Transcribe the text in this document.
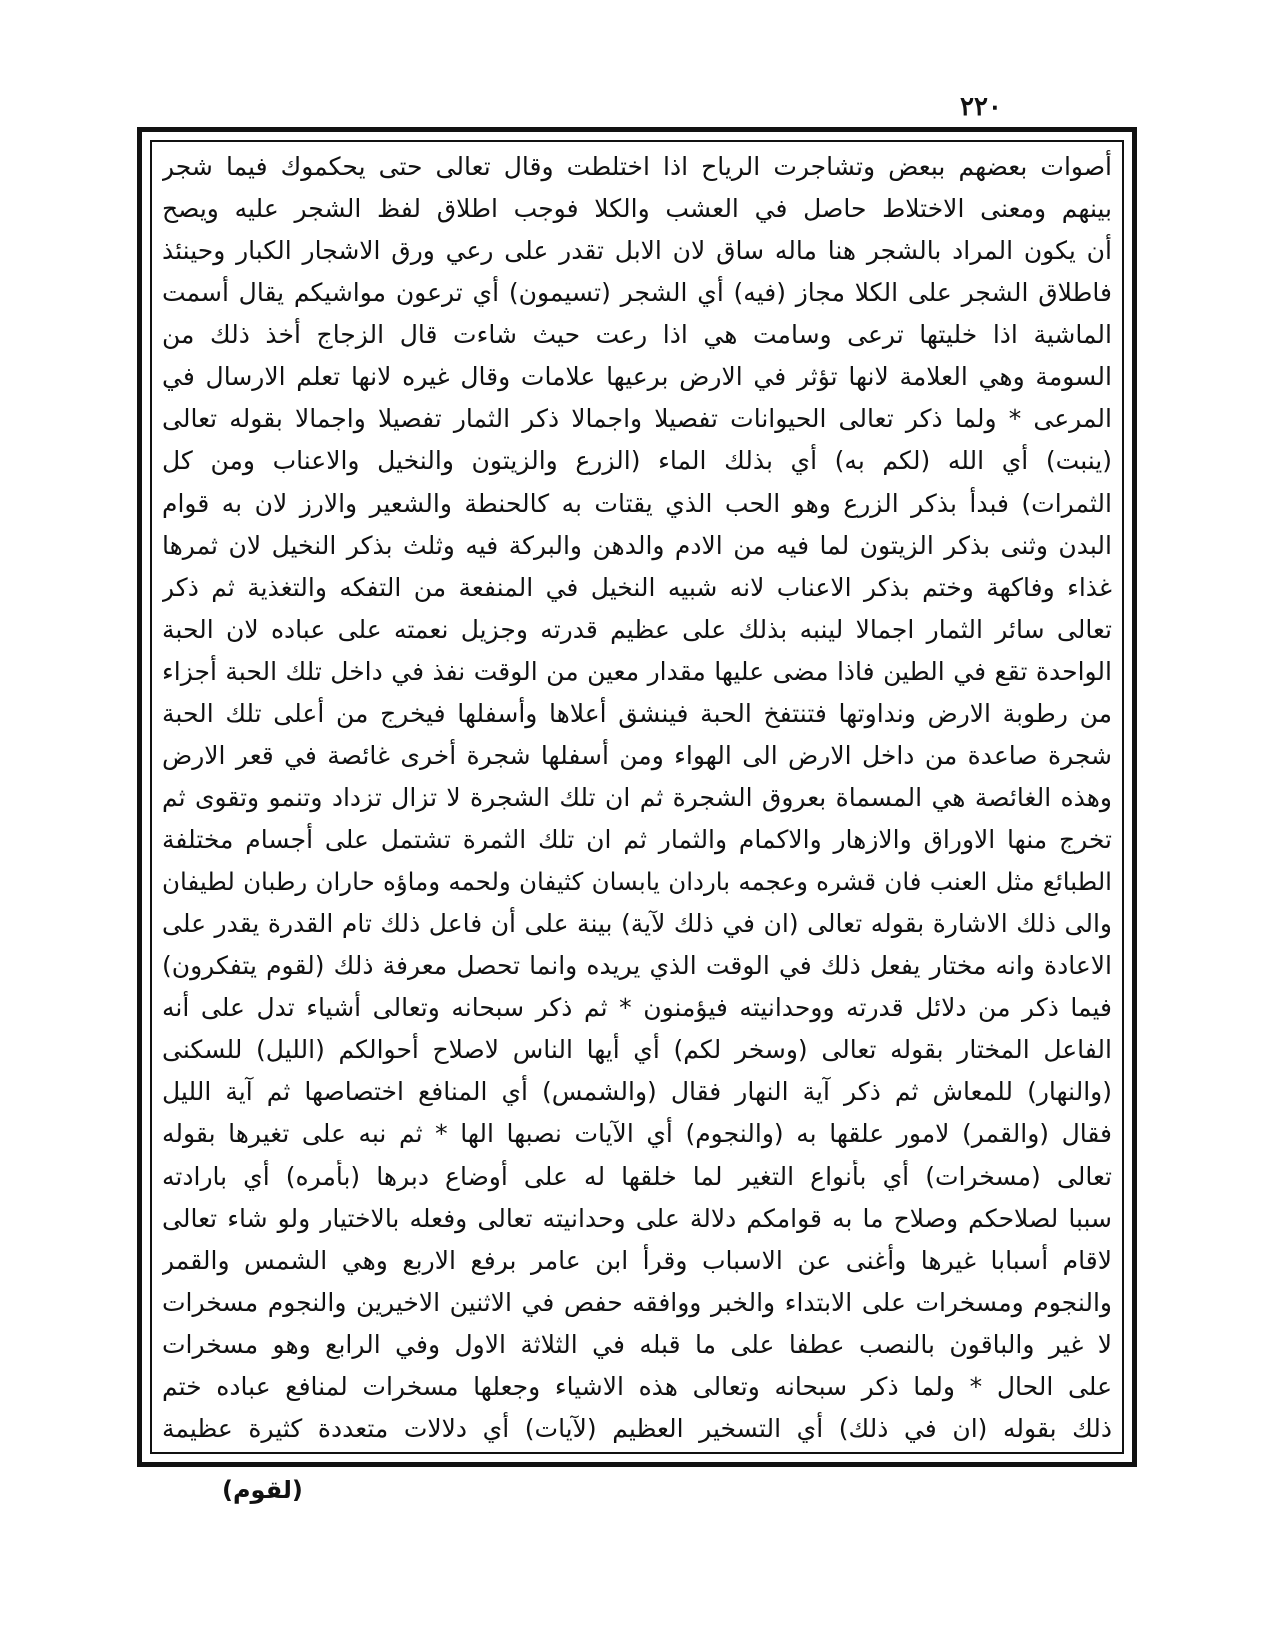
٢٢٠
أصوات بعضهم ببعض وتشاجرت الرياح اذا اختلطت وقال تعالى حتى يحكموك فيما شجر
بينهم ومعنى الاختلاط حاصل في العشب والكلا فوجب اطلاق لفظ الشجر عليه ويصح
أن يكون المراد بالشجر هنا ماله ساق لان الابل تقدر على رعي ورق الاشجار الكبار وحينئذ
فاطلاق الشجر على الكلا مجاز (فيه) أي الشجر (تسيمون) أي ترعون مواشيكم يقال أسمت
الماشية اذا خليتها ترعى وسامت هي اذا رعت حيث شاءت قال الزجاج أخذ ذلك من
السومة وهي العلامة لانها تؤثر في الارض برعيها علامات وقال غيره لانها تعلم الارسال في
المرعى * ولما ذكر تعالى الحيوانات تفصيلا واجمالا ذكر الثمار تفصيلا واجمالا بقوله تعالى
(ينبت) أي الله (لكم به) أي بذلك الماء (الزرع والزيتون والنخيل والاعناب ومن كل
الثمرات) فبدأ بذكر الزرع وهو الحب الذي يقتات به كالحنطة والشعير والارز لان به قوام
البدن وثنى بذكر الزيتون لما فيه من الادم والدهن والبركة فيه وثلث بذكر النخيل لان ثمرها
غذاء وفاكهة وختم بذكر الاعناب لانه شبيه النخيل في المنفعة من التفكه والتغذية ثم ذكر
تعالى سائر الثمار اجمالا لينبه بذلك على عظيم قدرته وجزيل نعمته على عباده لان الحبة
الواحدة تقع في الطين فاذا مضى عليها مقدار معين من الوقت نفذ في داخل تلك الحبة أجزاء
من رطوبة الارض ونداوتها فتنتفخ الحبة فينشق أعلاها وأسفلها فيخرج من أعلى تلك الحبة
شجرة صاعدة من داخل الارض الى الهواء ومن أسفلها شجرة أخرى غائصة في قعر الارض
وهذه الغائصة هي المسماة بعروق الشجرة ثم ان تلك الشجرة لا تزال تزداد وتنمو وتقوى ثم
تخرج منها الاوراق والازهار والاكمام والثمار ثم ان تلك الثمرة تشتمل على أجسام مختلفة
الطبائع مثل العنب فان قشره وعجمه باردان يابسان كثيفان ولحمه وماؤه حاران رطبان لطيفان
والى ذلك الاشارة بقوله تعالى (ان في ذلك لآية) بينة على أن فاعل ذلك تام القدرة يقدر على
الاعادة وانه مختار يفعل ذلك في الوقت الذي يريده وانما تحصل معرفة ذلك (لقوم يتفكرون)
فيما ذكر من دلائل قدرته ووحدانيته فيؤمنون * ثم ذكر سبحانه وتعالى أشياء تدل على أنه
الفاعل المختار بقوله تعالى (وسخر لكم) أي أيها الناس لاصلاح أحوالكم (الليل) للسكنى
(والنهار) للمعاش ثم ذكر آية النهار فقال (والشمس) أي المنافع اختصاصها ثم آية الليل
فقال (والقمر) لامور علقها به (والنجوم) أي الآيات نصبها الها * ثم نبه على تغيرها بقوله
تعالى (مسخرات) أي بأنواع التغير لما خلقها له على أوضاع دبرها (بأمره) أي بارادته
سببا لصلاحكم وصلاح ما به قوامكم دلالة على وحدانيته تعالى وفعله بالاختيار ولو شاء تعالى
لاقام أسبابا غيرها وأغنى عن الاسباب وقرأ ابن عامر برفع الاربع وهي الشمس والقمر
والنجوم ومسخرات على الابتداء والخبر ووافقه حفص في الاثنين الاخيرين والنجوم مسخرات
لا غير والباقون بالنصب عطفا على ما قبله في الثلاثة الاول وفي الرابع وهو مسخرات
على الحال * ولما ذكر سبحانه وتعالى هذه الاشياء وجعلها مسخرات لمنافع عباده ختم
ذلك بقوله (ان في ذلك) أي التسخير العظيم (لآيات) أي دلالات متعددة كثيرة عظيمة
(لقوم)
